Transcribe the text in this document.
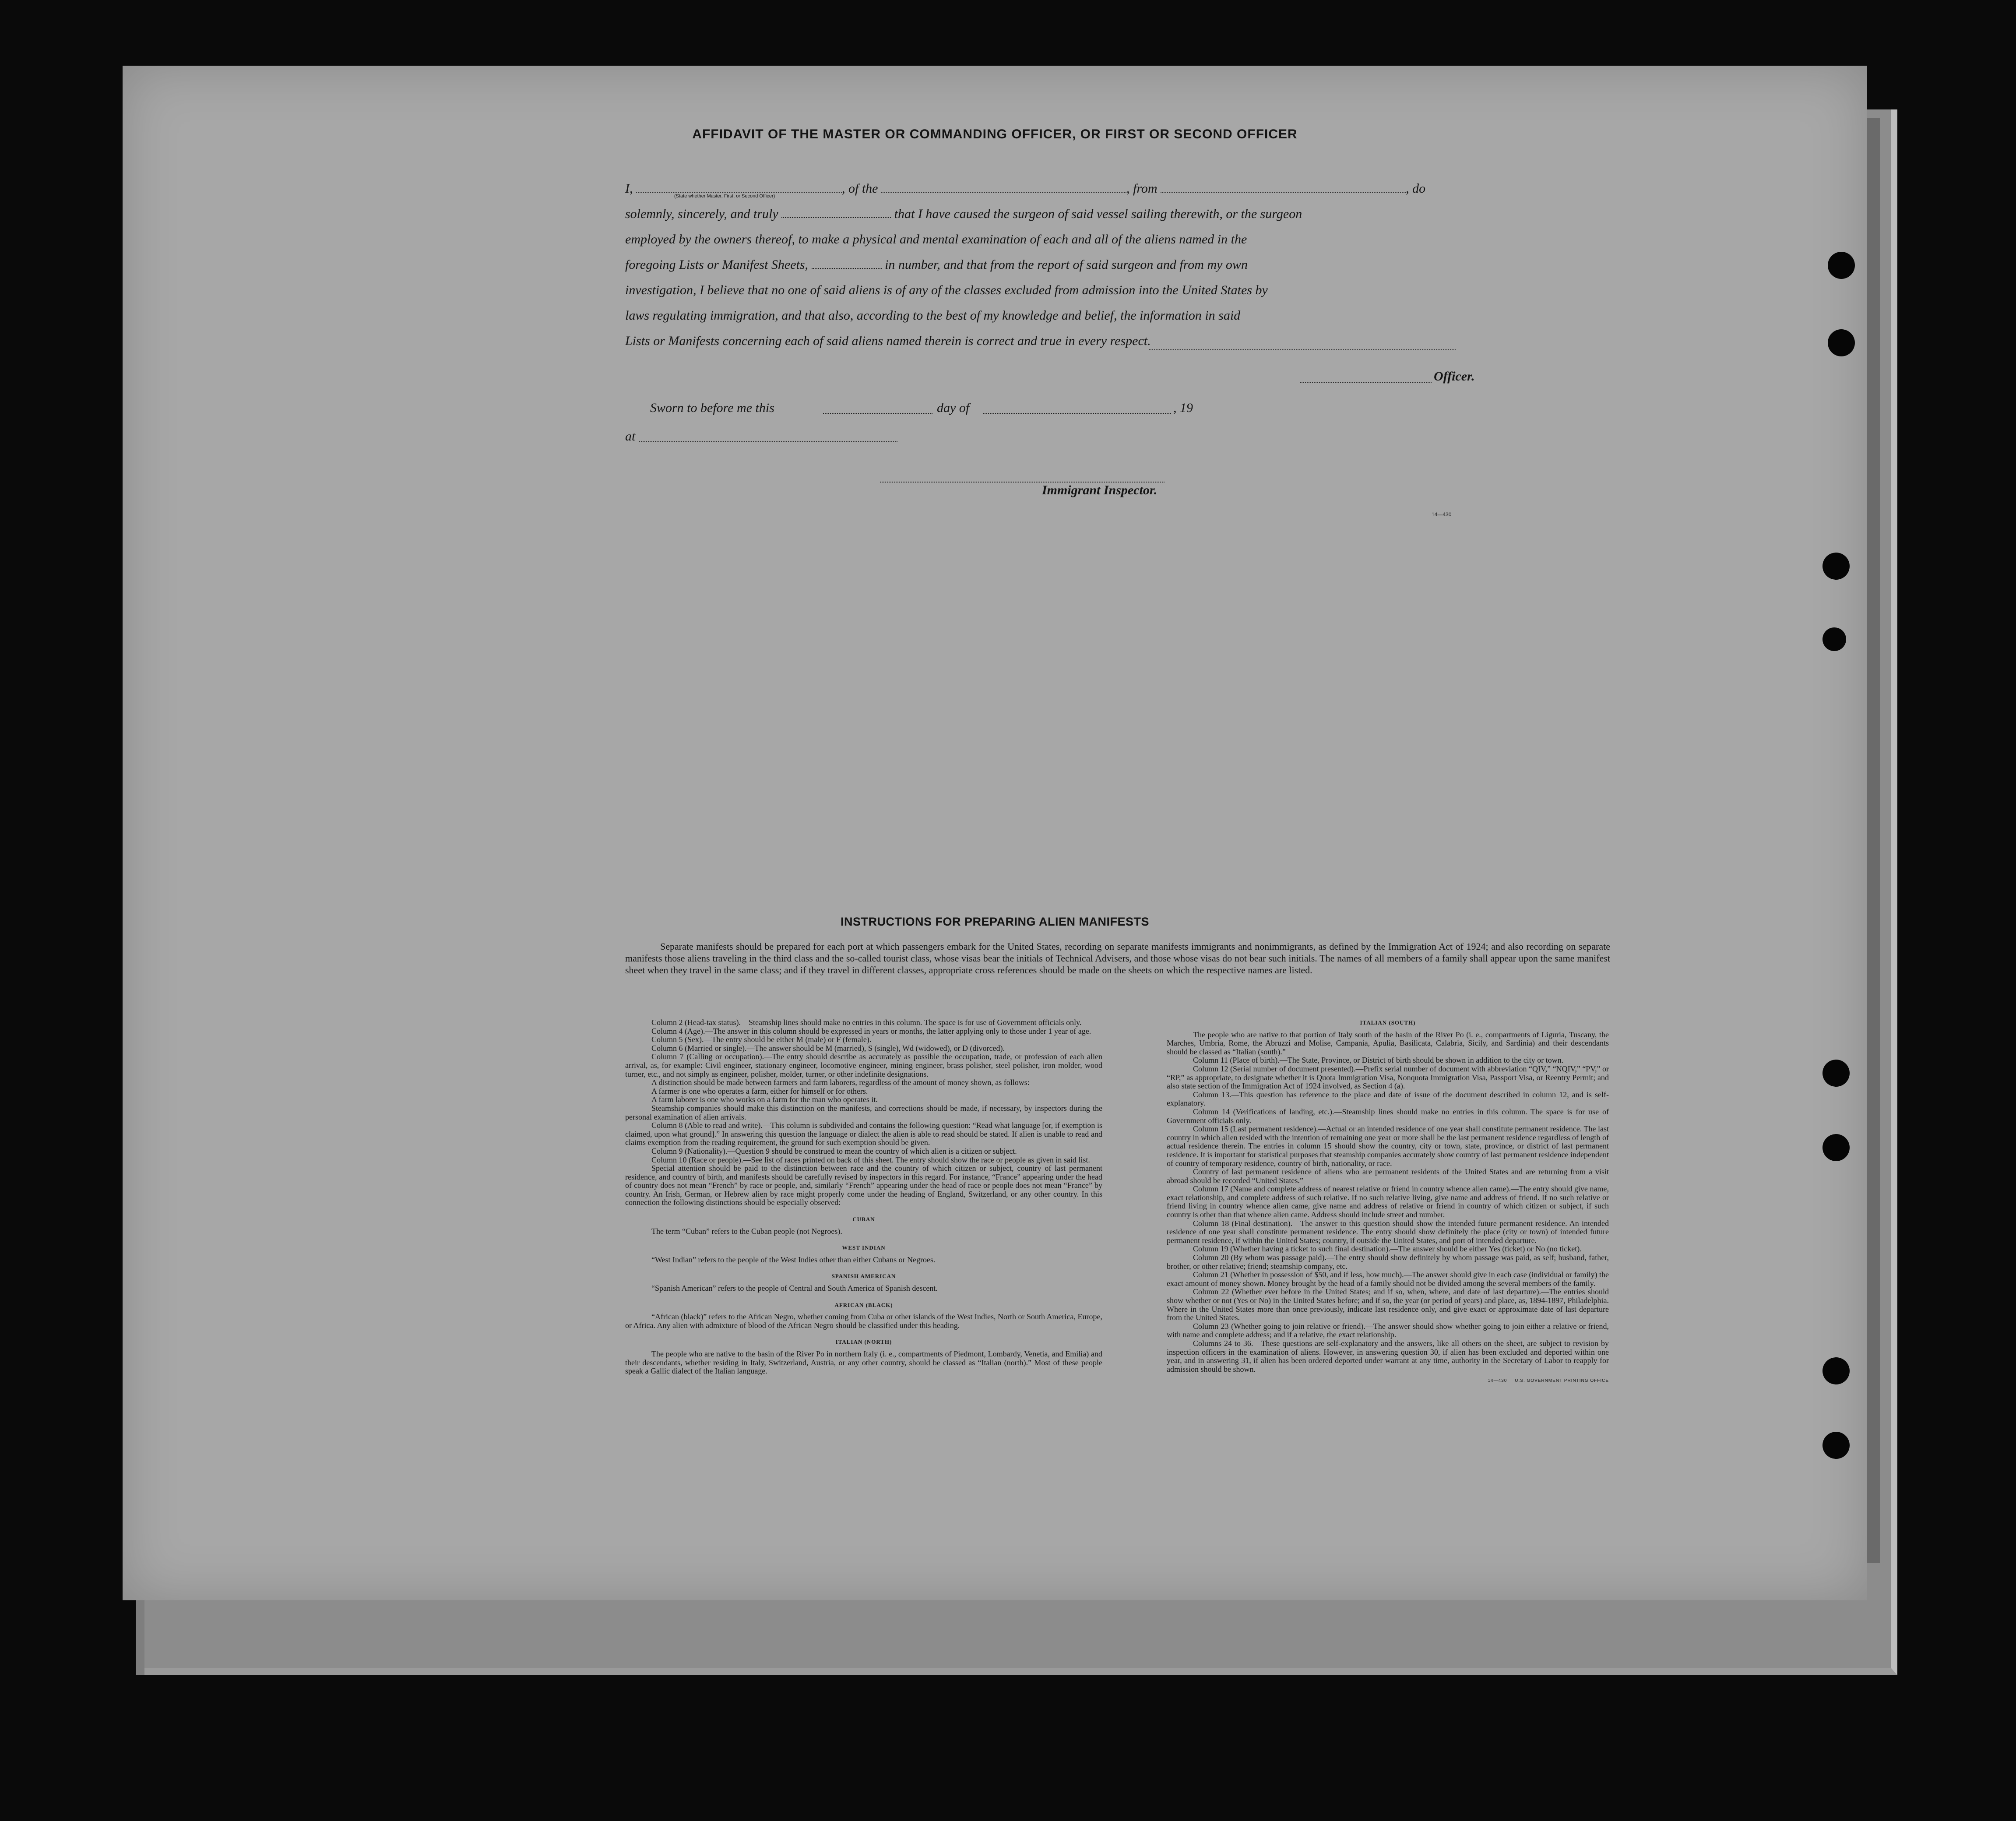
AFFIDAVIT OF THE MASTER OR COMMANDING OFFICER, OR FIRST OR SECOND OFFICER

I,	, of the	, from	, do
solemnly, sincerely, and truly	that I have caused the surgeon of said vessel sailing therewith, or the surgeon
employed by the owners thereof, to make a physical and mental examination of each and all of the aliens named in the
foregoing Lists or Manifest Sheets,	in number, and that from the report of said surgeon and from my own
investigation, I believe that no one of said aliens is of any of the classes excluded from admission into the United States by
laws regulating immigration, and that also, according to the best of my knowledge and belief, the information in said
Lists or Manifests concerning each of said aliens named therein is correct and true in every respect.

(State whether Master, First, or Second Officer)
Officer.
Sworn to before me this	day of	, 19
at
Immigrant Inspector.
14—430
INSTRUCTIONS FOR PREPARING ALIEN MANIFESTS

Separate manifests should be prepared for each port at which passengers embark for the United States, recording on separate manifests immigrants and nonimmigrants, as defined by the Immigration Act of 1924; and also recording on separate manifests those aliens traveling in the third class and the so-called tourist class, whose visas bear the initials of Technical Advisers, and those whose visas do not bear such initials. The names of all members of a family shall appear upon the same manifest sheet when they travel in the same class; and if they travel in different classes, appropriate cross references should be made on the sheets on which the respective names are listed.

Column 2 (Head-tax status).—Steamship lines should make no entries in this column. The space is for use of Government officials only.

Column 4 (Age).—The answer in this column should be expressed in years or months, the latter applying only to those under 1 year of age.

Column 5 (Sex).—The entry should be either M (male) or F (female).

Column 6 (Married or single).—The answer should be M (married), S (single), Wd (widowed), or D (divorced).

Column 7 (Calling or occupation).—The entry should describe as accurately as possible the occupation, trade, or profession of each alien arrival, as, for example: Civil engineer, stationary engineer, locomotive engineer, mining engineer, brass polisher, steel polisher, iron molder, wood turner, etc., and not simply as engineer, polisher, molder, turner, or other indefinite designations.

A distinction should be made between farmers and farm laborers, regardless of the amount of money shown, as follows:

A farmer is one who operates a farm, either for himself or for others.

A farm laborer is one who works on a farm for the man who operates it.

Steamship companies should make this distinction on the manifests, and corrections should be made, if necessary, by inspectors during the personal examination of alien arrivals.

Column 8 (Able to read and write).—This column is subdivided and contains the following question: “Read what language [or, if exemption is claimed, upon what ground].” In answering this question the language or dialect the alien is able to read should be stated. If alien is unable to read and claims exemption from the reading requirement, the ground for such exemption should be given.

Column 9 (Nationality).—Question 9 should be construed to mean the country of which alien is a citizen or subject.

Column 10 (Race or people).—See list of races printed on back of this sheet. The entry should show the race or people as given in said list.

Special attention should be paid to the distinction between race and the country of which citizen or subject, country of last permanent residence, and country of birth, and manifests should be carefully revised by inspectors in this regard. For instance, “France” appearing under the head of country does not mean “French” by race or people, and, similarly “French” appearing under the head of race or people does not mean “France” by country. An Irish, German, or Hebrew alien by race might properly come under the heading of England, Switzerland, or any other country. In this connection the following distinctions should be especially observed:

CUBAN

The term “Cuban” refers to the Cuban people (not Negroes).

WEST INDIAN

“West Indian” refers to the people of the West Indies other than either Cubans or Negroes.

SPANISH AMERICAN

“Spanish American” refers to the people of Central and South America of Spanish descent.

AFRICAN (BLACK)

“African (black)” refers to the African Negro, whether coming from Cuba or other islands of the West Indies, North or South America, Europe, or Africa. Any alien with admixture of blood of the African Negro should be classified under this heading.

ITALIAN (NORTH)

The people who are native to the basin of the River Po in northern Italy (i. e., compartments of Piedmont, Lombardy, Venetia, and Emilia) and their descendants, whether residing in Italy, Switzerland, Austria, or any other country, should be classed as “Italian (north).” Most of these people speak a Gallic dialect of the Italian language.

ITALIAN (SOUTH)

The people who are native to that portion of Italy south of the basin of the River Po (i. e., compartments of Liguria, Tuscany, the Marches, Umbria, Rome, the Abruzzi and Molise, Campania, Apulia, Basilicata, Calabria, Sicily, and Sardinia) and their descendants should be classed as “Italian (south).”

Column 11 (Place of birth).—The State, Province, or District of birth should be shown in addition to the city or town.

Column 12 (Serial number of document presented).—Prefix serial number of document with abbreviation “QIV,” “NQIV,” “PV,” or “RP,” as appropriate, to designate whether it is Quota Immigration Visa, Nonquota Immigration Visa, Passport Visa, or Reentry Permit; and also state section of the Immigration Act of 1924 involved, as Section 4 (a).

Column 13.—This question has reference to the place and date of issue of the document described in column 12, and is self-explanatory.

Column 14 (Verifications of landing, etc.).—Steamship lines should make no entries in this column. The space is for use of Government officials only.

Column 15 (Last permanent residence).—Actual or an intended residence of one year shall constitute permanent residence. The last country in which alien resided with the intention of remaining one year or more shall be the last permanent residence regardless of length of actual residence therein. The entries in column 15 should show the country, city or town, state, province, or district of last permanent residence. It is important for statistical purposes that steamship companies accurately show country of last permanent residence independent of country of temporary residence, country of birth, nationality, or race.

Country of last permanent residence of aliens who are permanent residents of the United States and are returning from a visit abroad should be recorded “United States.”

Column 17 (Name and complete address of nearest relative or friend in country whence alien came).—The entry should give name, exact relationship, and complete address of such relative. If no such relative living, give name and address of friend. If no such relative or friend living in country whence alien came, give name and address of relative or friend in country of which citizen or subject, if such country is other than that whence alien came. Address should include street and number.

Column 18 (Final destination).—The answer to this question should show the intended future permanent residence. An intended residence of one year shall constitute permanent residence. The entry should show definitely the place (city or town) of intended future permanent residence, if within the United States; country, if outside the United States, and port of intended departure.

Column 19 (Whether having a ticket to such final destination).—The answer should be either Yes (ticket) or No (no ticket).

Column 20 (By whom was passage paid).—The entry should show definitely by whom passage was paid, as self; husband, father, brother, or other relative; friend; steamship company, etc.

Column 21 (Whether in possession of $50, and if less, how much).—The answer should give in each case (individual or family) the exact amount of money shown. Money brought by the head of a family should not be divided among the several members of the family.

Column 22 (Whether ever before in the United States; and if so, when, where, and date of last departure).—The entries should show whether or not (Yes or No) in the United States before; and if so, the year (or period of years) and place, as, 1894-1897, Philadelphia. Where in the United States more than once previously, indicate last residence only, and give exact or approximate date of last departure from the United States.

Column 23 (Whether going to join relative or friend).—The answer should show whether going to join either a relative or friend, with name and complete address; and if a relative, the exact relationship.

Columns 24 to 36.—These questions are self-explanatory and the answers, like all others on the sheet, are subject to revision by inspection officers in the examination of aliens. However, in answering question 30, if alien has been excluded and deported within one year, and in answering 31, if alien has been ordered deported under warrant at any time, authority in the Secretary of Labor to reapply for admission should be shown.

14—430 U.S. GOVERNMENT PRINTING OFFICE
